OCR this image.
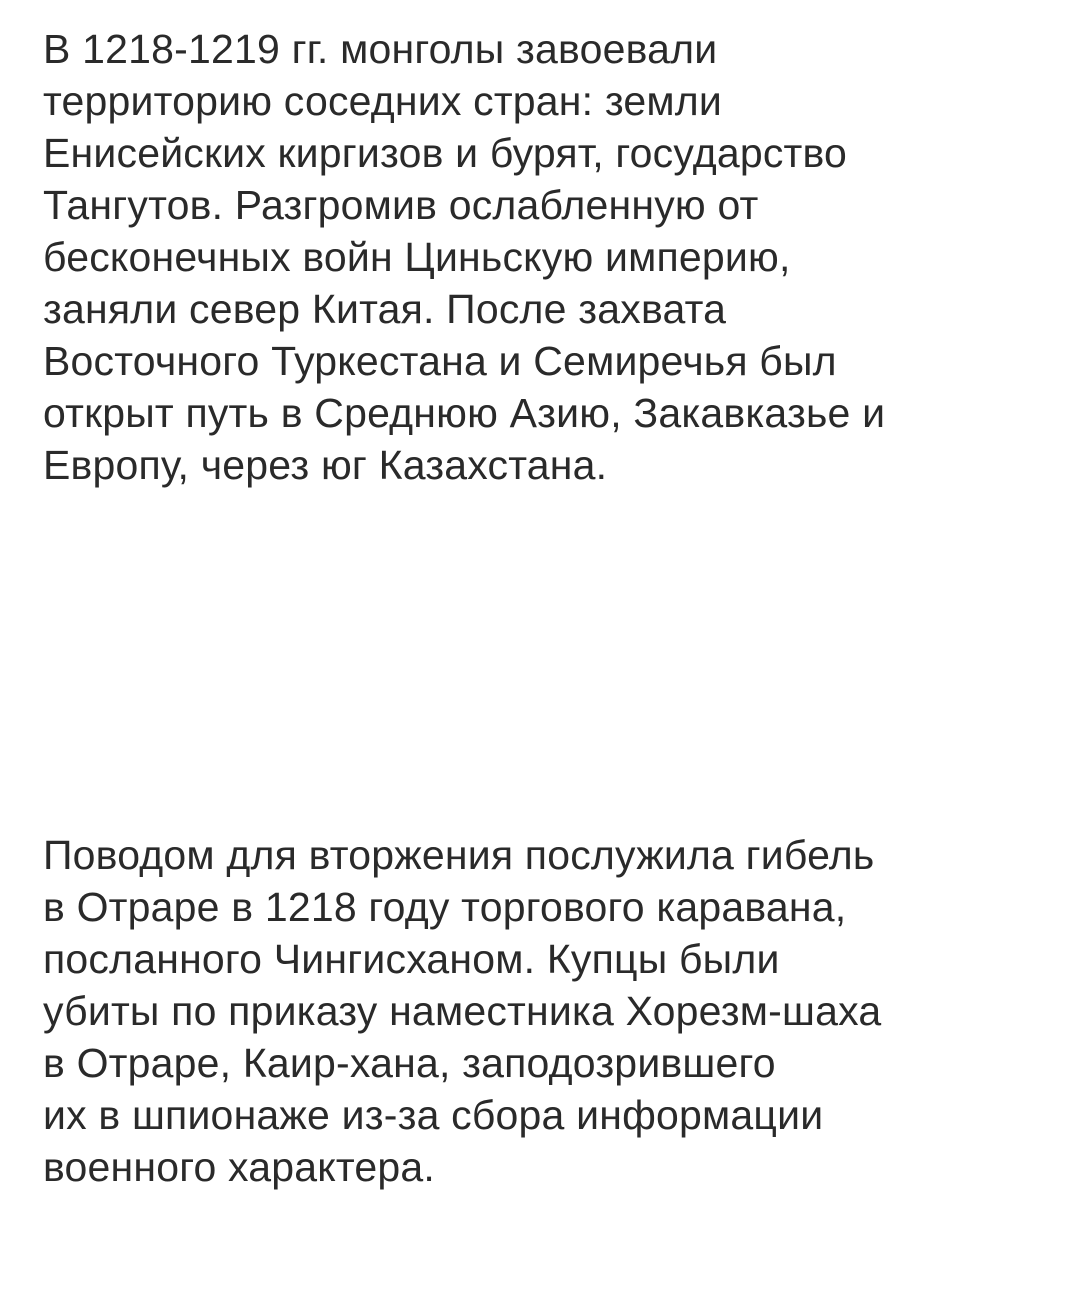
В 1218-1219 гг. монголы завоевали
территорию соседних стран: земли
Енисейских киргизов и бурят, государство
Тангутов. Разгромив ослабленную от
бесконечных войн Циньскую империю,
заняли север Китая. После захвата
Восточного Туркестана и Семиречья был
открыт путь в Среднюю Азию, Закавказье и
Европу, через юг Казахстана.

Поводом для вторжения послужила гибель
в Отраре в 1218 году торгового каравана,
посланного Чингисханом. Купцы были
убиты по приказу наместника Хорезм-шаха
в Отраре, Каир-хана, заподозрившего
их в шпионаже из-за сбора информации
военного характера.
